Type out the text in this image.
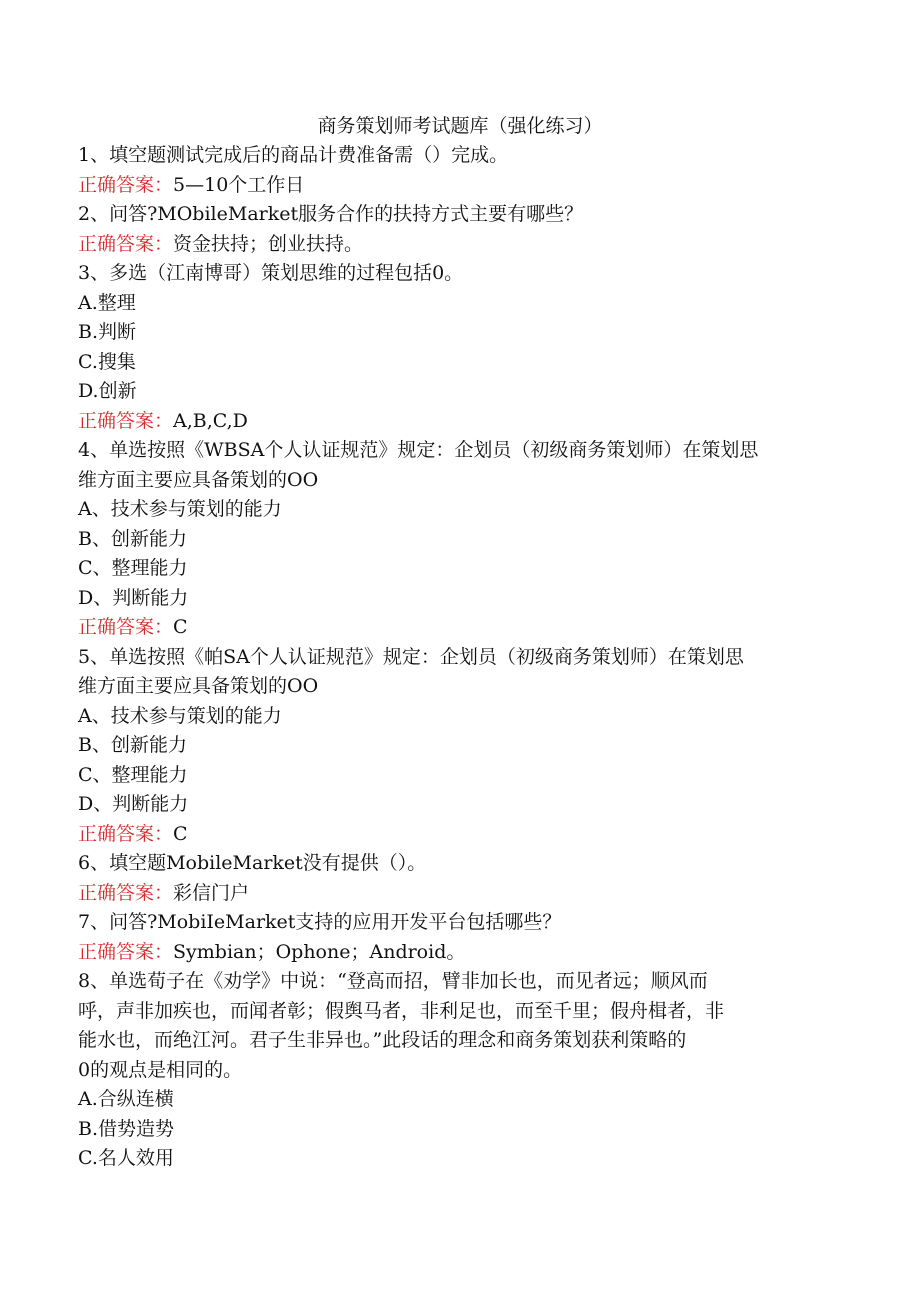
商务策划师考试题库（强化练习）
1、填空题测试完成后的商品计费准备需（）完成。
正确答案：5—10个工作日
2、问答?MObileMarket服务合作的扶持方式主要有哪些？
正确答案：资金扶持；创业扶持。
3、多选（江南博哥）策划思维的过程包括0。
A.整理
B.判断
C.搜集
D.创新
正确答案：A,B,C,D
4、单选按照《WBSA个人认证规范》规定：企划员（初级商务策划师）在策划思
维方面主要应具备策划的OO
A、技术参与策划的能力
B、创新能力
C、整理能力
D、判断能力
正确答案：C
5、单选按照《帕SA个人认证规范》规定：企划员（初级商务策划师）在策划思
维方面主要应具备策划的OO
A、技术参与策划的能力
B、创新能力
C、整理能力
D、判断能力
正确答案：C
6、填空题MobileMarket没有提供（）。
正确答案：彩信门户
7、问答?MobiIeMarket支持的应用开发平台包括哪些？
正确答案：Symbian；Ophone；Android。
8、单选荀子在《劝学》中说：“登高而招，臂非加长也，而见者远；顺风而
呼，声非加疾也，而闻者彰；假舆马者，非利足也，而至千里；假舟楫者，非
能水也，而绝江河。君子生非异也。”此段话的理念和商务策划获利策略的
0的观点是相同的。
A.合纵连横
B.借势造势
C.名人效用
